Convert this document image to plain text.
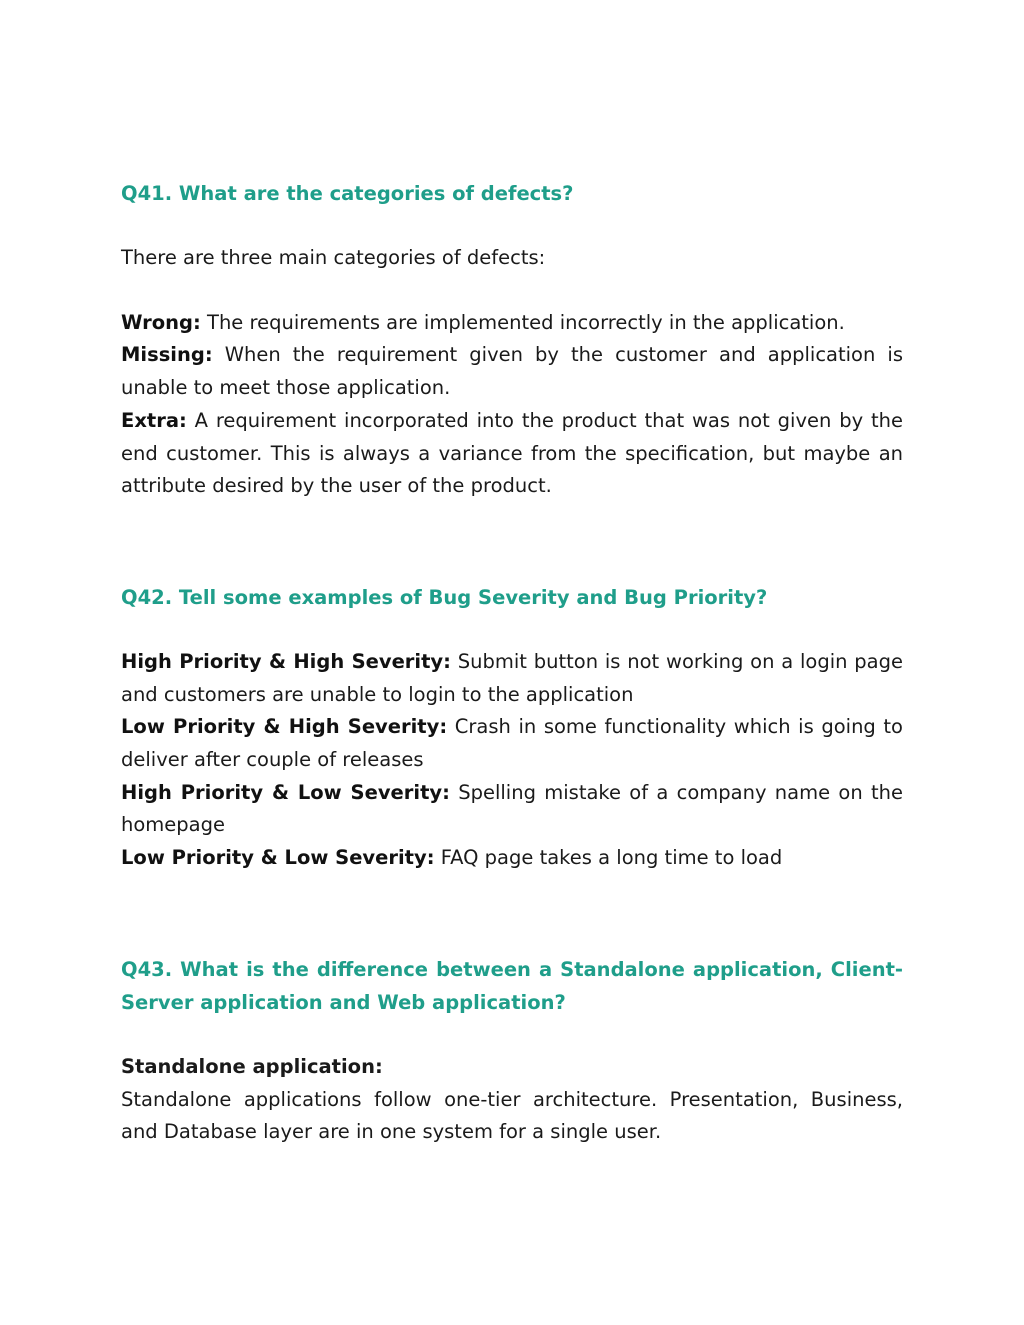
Q41. What are the categories of defects?

There are three main categories of defects:

Wrong: The requirements are implemented incorrectly in the application.

Missing: When the requirement given by the customer and application is unable to meet those application.

Extra: A requirement incorporated into the product that was not given by the end customer. This is always a variance from the specification, but maybe an attribute desired by the user of the product.

Q42. Tell some examples of Bug Severity and Bug Priority?

High Priority & High Severity: Submit button is not working on a login page and customers are unable to login to the application

Low Priority & High Severity: Crash in some functionality which is going to deliver after couple of releases

High Priority & Low Severity: Spelling mistake of a company name on the homepage

Low Priority & Low Severity: FAQ page takes a long time to load

Q43. What is the difference between a Standalone application, Client-Server application and Web application?

Standalone application:

Standalone applications follow one-tier architecture. Presentation, Business, and Database layer are in one system for a single user.
